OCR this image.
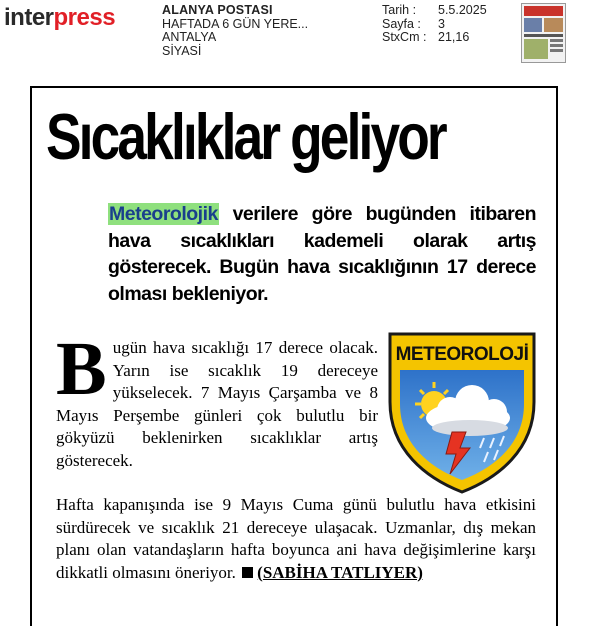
interpress	ALANYA POSTASI
HAFTADA 6 GÜN YERE...
ANTALYA
SİYASİ
Tarih :	5.5.2025
Sayfa :	3
StxCm : 21,16
Sıcaklıklar geliyor
Meteorolojik verilere göre bugünden itibaren hava sıcaklıkları kademeli olarak artış gösterecek. Bugün hava sıcaklığının 17 derece olması bekleniyor.
Bugün hava sıcaklığı 17 derece olacak. Yarın ise sıcaklık 19 dereceye yükselecek. 7 Mayıs Çarşamba ve 8 Mayıs Perşembe günleri çok bulutlu bir gökyüzü beklenirken sıcaklıklar artış gösterecek.
Hafta kapanışında ise 9 Mayıs Cuma günü bulutlu hava etkisini sürdürecek ve sıcaklık 21 dereceye ulaşacak. Uzmanlar, dış mekan planı olan vatandaşların hafta boyunca ani hava değişimlerine karşı dikkatli olmasını öneriyor. (SABİHA TATLIYER)
METEOROLOJİ
